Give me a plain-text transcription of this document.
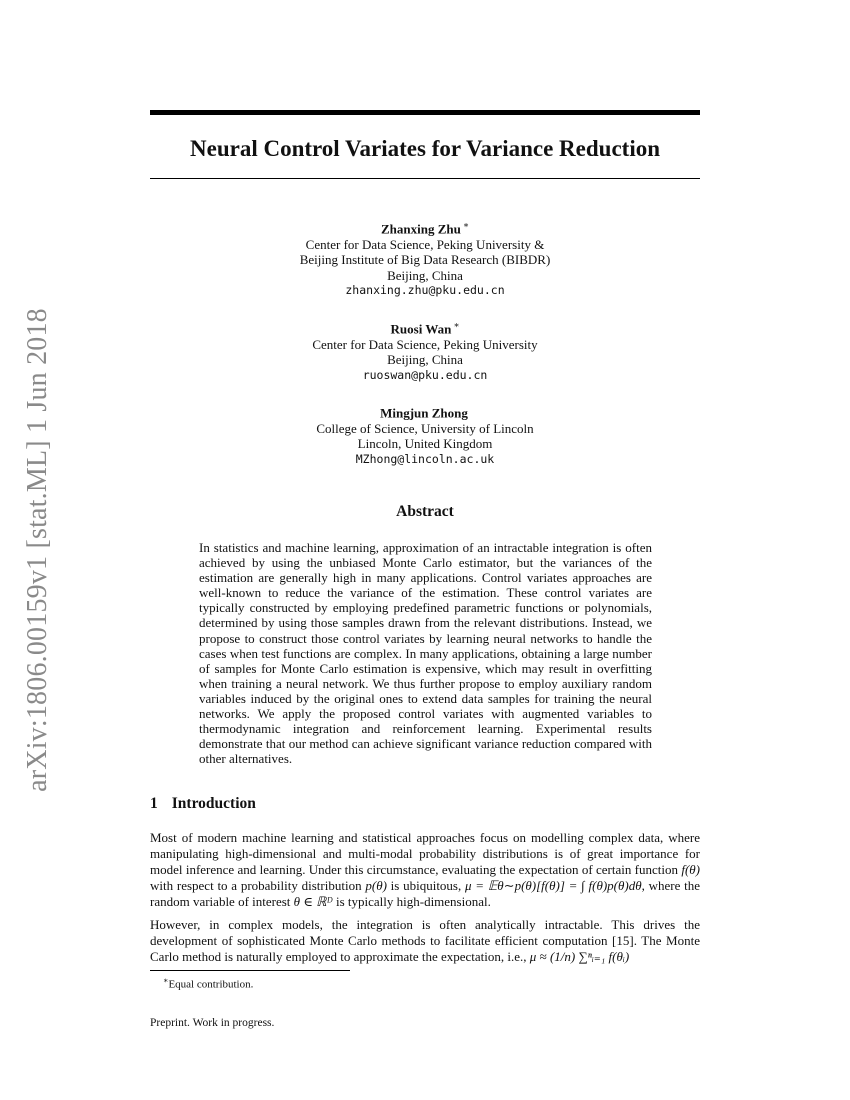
arXiv:1806.00159v1 [stat.ML] 1 Jun 2018
Neural Control Variates for Variance Reduction
Zhanxing Zhu ∗
Center for Data Science, Peking University &
Beijing Institute of Big Data Research (BIBDR)
Beijing, China
zhanxing.zhu@pku.edu.cn
Ruosi Wan ∗
Center for Data Science, Peking University
Beijing, China
ruoswan@pku.edu.cn
Mingjun Zhong
College of Science, University of Lincoln
Lincoln, United Kingdom
MZhong@lincoln.ac.uk
Abstract
In statistics and machine learning, approximation of an intractable integration is often achieved by using the unbiased Monte Carlo estimator, but the variances of the estimation are generally high in many applications. Control variates approaches are well-known to reduce the variance of the estimation. These control variates are typically constructed by employing predefined parametric functions or polynomials, determined by using those samples drawn from the relevant distributions. Instead, we propose to construct those control variates by learning neural networks to handle the cases when test functions are complex. In many applications, obtaining a large number of samples for Monte Carlo estimation is expensive, which may result in overfitting when training a neural network. We thus further propose to employ auxiliary random variables induced by the original ones to extend data samples for training the neural networks. We apply the proposed control variates with augmented variables to thermodynamic integration and reinforcement learning. Experimental results demonstrate that our method can achieve significant variance reduction compared with other alternatives.
1 Introduction

Most of modern machine learning and statistical approaches focus on modelling complex data, where manipulating high-dimensional and multi-modal probability distributions is of great importance for model inference and learning. Under this circumstance, evaluating the expectation of certain function f(θ) with respect to a probability distribution p(θ) is ubiquitous, μ = 𝔼θ∼p(θ)[f(θ)] = ∫ f(θ)p(θ)dθ, where the random variable of interest θ ∈ ℝᴰ is typically high-dimensional.

However, in complex models, the integration is often analytically intractable. This drives the development of sophisticated Monte Carlo methods to facilitate efficient computation [15]. The Monte Carlo method is naturally employed to approximate the expectation, i.e., μ ≈ (1/n) ∑ⁿᵢ₌₁ f(θᵢ)

∗Equal contribution.
Preprint. Work in progress.
